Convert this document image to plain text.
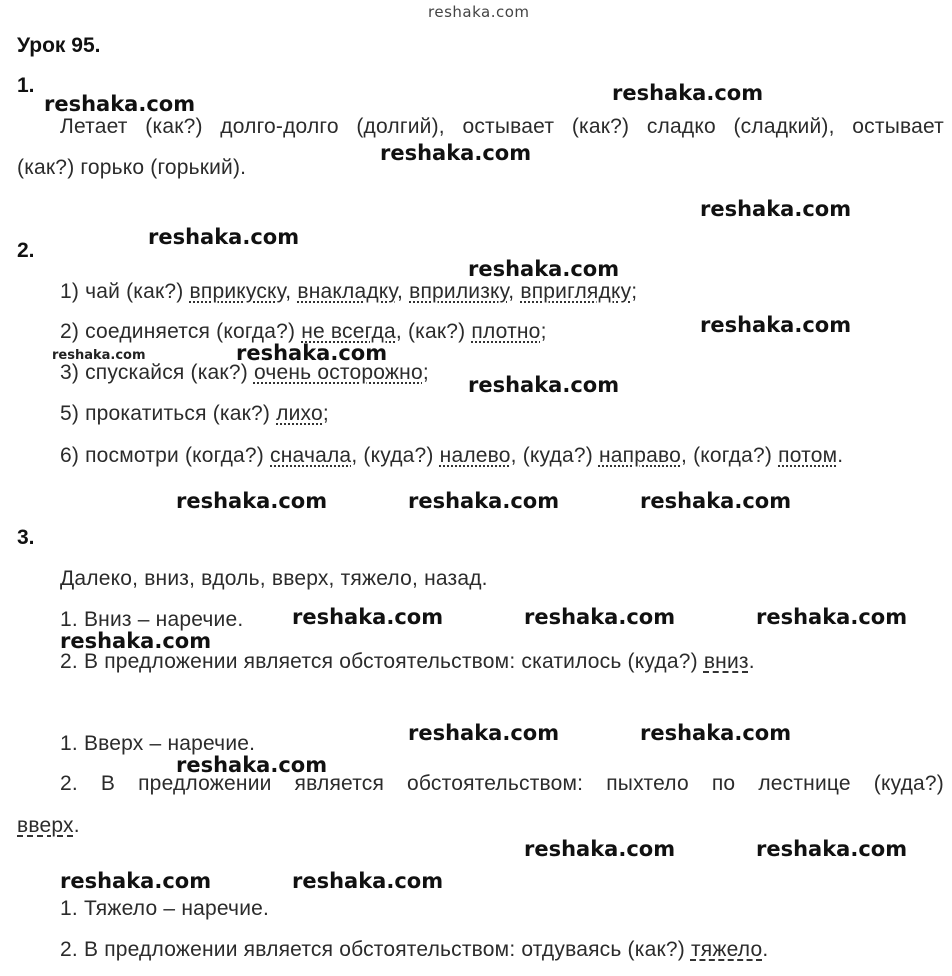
reshaka.com
Урок 95.
1.
Летает (как?) долго-долго (долгий), остывает (как?) сладко (сладкий), остывает
(как?) горько (горький).
2.
1) чай (как?) вприкуску, внакладку, вприлизку, вприглядку;
2) соединяется (когда?) не всегда, (как?) плотно;
3) спускайся (как?) очень осторожно;
5) прокатиться (как?) лихо;
6) посмотри (когда?) сначала, (куда?) налево, (куда?) направо, (когда?) потом.
3.
Далеко, вниз, вдоль, вверх, тяжело, назад.
1. Вниз – наречие.
2. В предложении является обстоятельством: скатилось (куда?) вниз.
1. Вверх – наречие.
2. В предложении является обстоятельством: пыхтело по лестнице (куда?)
вверх.
1. Тяжело – наречие.
2. В предложении является обстоятельством: отдуваясь (как?) тяжело.
reshaka.com	reshaka.com
reshaka.com
reshaka.com
reshaka.com
reshaka.com
reshaka.com
reshaka.com	reshaka.com
reshaka.com
reshaka.com	reshaka.com	reshaka.com
reshaka.com	reshaka.com	reshaka.com
reshaka.com
reshaka.com	reshaka.com
reshaka.com
reshaka.com	reshaka.com
reshaka.com	reshaka.com
